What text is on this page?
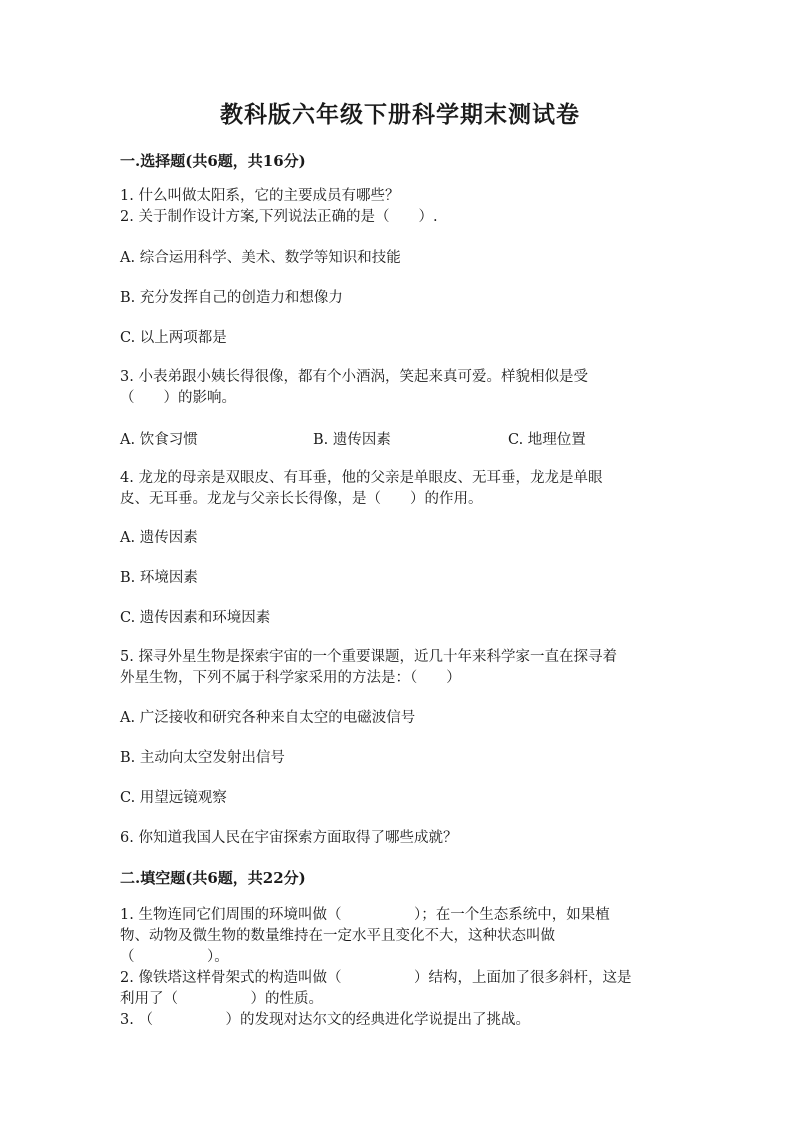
教科版六年级下册科学期末测试卷
一.选择题(共6题，共16分)
1. 什么叫做太阳系，它的主要成员有哪些？
2. 关于制作设计方案,下列说法正确的是（　　）.
A. 综合运用科学、美术、数学等知识和技能
B. 充分发挥自己的创造力和想像力
C. 以上两项都是
3. 小表弟跟小姨长得很像，都有个小酒涡，笑起来真可爱。样貌相似是受
（　　）的影响。
A. 饮食习惯	B. 遗传因素	C. 地理位置
4. 龙龙的母亲是双眼皮、有耳垂，他的父亲是单眼皮、无耳垂，龙龙是单眼
皮、无耳垂。龙龙与父亲长长得像，是（　　）的作用。
A. 遗传因素
B. 环境因素
C. 遗传因素和环境因素
5. 探寻外星生物是探索宇宙的一个重要课题，近几十年来科学家一直在探寻着
外星生物，下列不属于科学家采用的方法是：（　　）
A. 广泛接收和研究各种来自太空的电磁波信号
B. 主动向太空发射出信号
C. 用望远镜观察
6. 你知道我国人民在宇宙探索方面取得了哪些成就？
二.填空题(共6题，共22分)
1. 生物连同它们周围的环境叫做（　　　　　）；在一个生态系统中，如果植
物、动物及微生物的数量维持在一定水平且变化不大，这种状态叫做
（　　　　　）。
2. 像铁塔这样骨架式的构造叫做（　　　　　）结构，上面加了很多斜杆，这是
利用了（　　　　　）的性质。
3. （　　　　　）的发现对达尔文的经典进化学说提出了挑战。
